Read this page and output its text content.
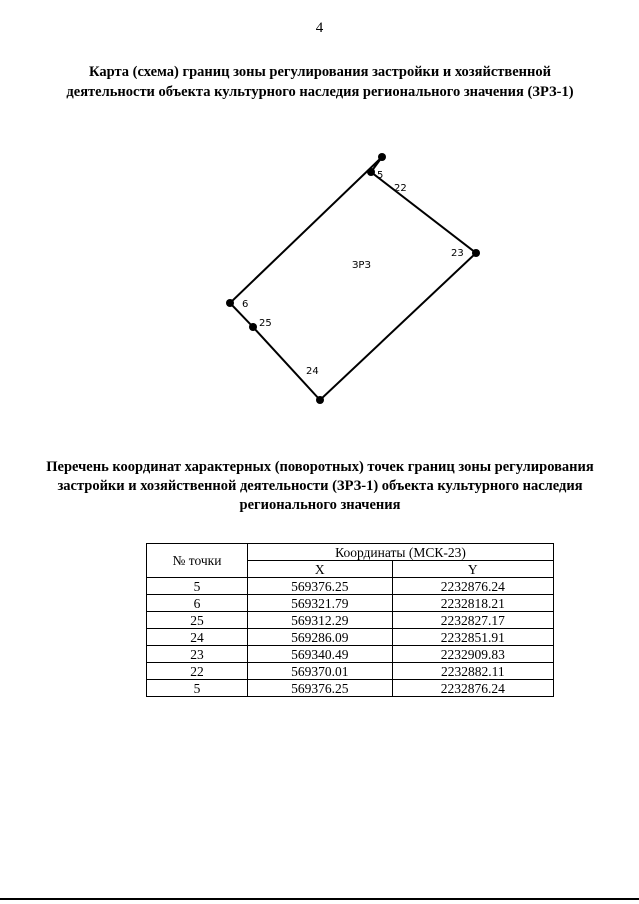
4
Карта (схема) границ зоны регулирования застройки и хозяйственной деятельности объекта культурного наследия регионального значения (ЗРЗ-1)
5
22
23
24
25
6
ЗРЗ
Перечень координат характерных (поворотных) точек границ зоны регулирования застройки и хозяйственной деятельности (ЗРЗ-1) объекта культурного наследия регионального значения
№ точки	Координаты (МСК-23)	
	X	Y
5	569376.25	2232876.24
6	569321.79	2232818.21
25	569312.29	2232827.17
24	569286.09	2232851.91
23	569340.49	2232909.83
22	569370.01	2232882.11
5	569376.25	2232876.24
